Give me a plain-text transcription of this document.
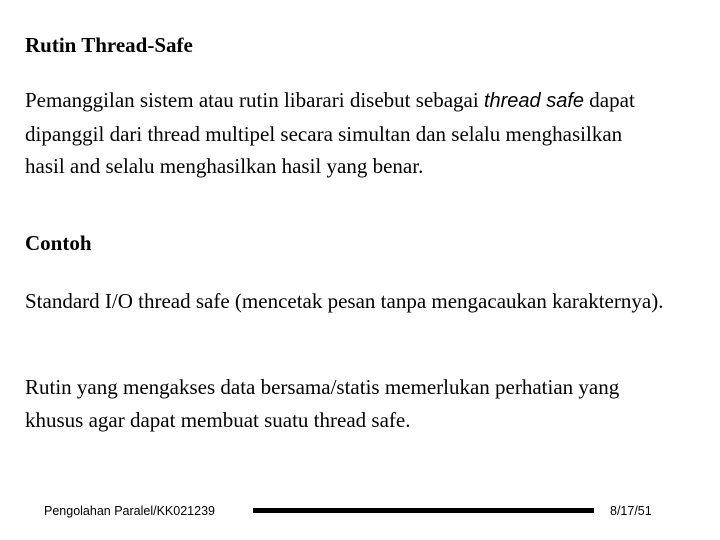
Rutin Thread-Safe

Pemanggilan sistem atau rutin libarari disebut sebagai thread safe dapat dipanggil dari thread multipel secara simultan dan selalu menghasilkan hasil and selalu menghasilkan hasil yang benar.

Contoh

Standard I/O thread safe (mencetak pesan tanpa mengacaukan karakternya).

Rutin yang mengakses data bersama/statis memerlukan perhatian yang khusus agar dapat membuat suatu thread safe.

Pengolahan Paralel/KK021239	8/17/51
